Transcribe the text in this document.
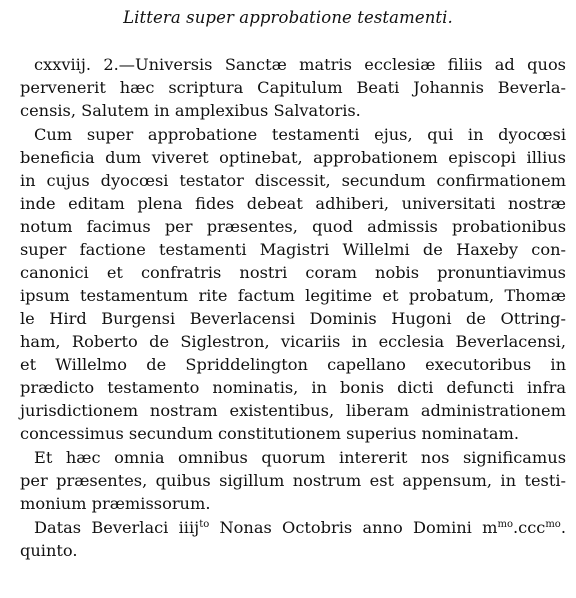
Littera super approbatione testamenti.
cxxviij. 2.—Universis Sanctæ matris ecclesiæ filiis ad quos
pervenerit hæc scriptura Capitulum Beati Johannis Beverla-
censis, Salutem in amplexibus Salvatoris.
Cum super approbatione testamenti ejus, qui in dyocœsi
beneficia dum viveret optinebat, approbationem episcopi illius
in cujus dyocœsi testator discessit, secundum confirmationem
inde editam plena fides debeat adhiberi, universitati nostræ
notum facimus per præsentes, quod admissis probationibus
super factione testamenti Magistri Willelmi de Haxeby con-
canonici et confratris nostri coram nobis pronuntiavimus
ipsum testamentum rite factum legitime et probatum, Thomæ
le Hird Burgensi Beverlacensi Dominis Hugoni de Ottring-
ham, Roberto de Siglestron, vicariis in ecclesia Beverlacensi,
et Willelmo de Spriddelington capellano executoribus in
prædicto testamento nominatis, in bonis dicti defuncti infra
jurisdictionem nostram existentibus, liberam administrationem
concessimus secundum constitutionem superius nominatam.
Et hæc omnia omnibus quorum intererit nos significamus
per præsentes, quibus sigillum nostrum est appensum, in testi-
monium præmissorum.
Datas Beverlaci iiij$^{to}$ Nonas Octobris anno Domini $m^{mo}.ccc^{mo}$.
quinto.
